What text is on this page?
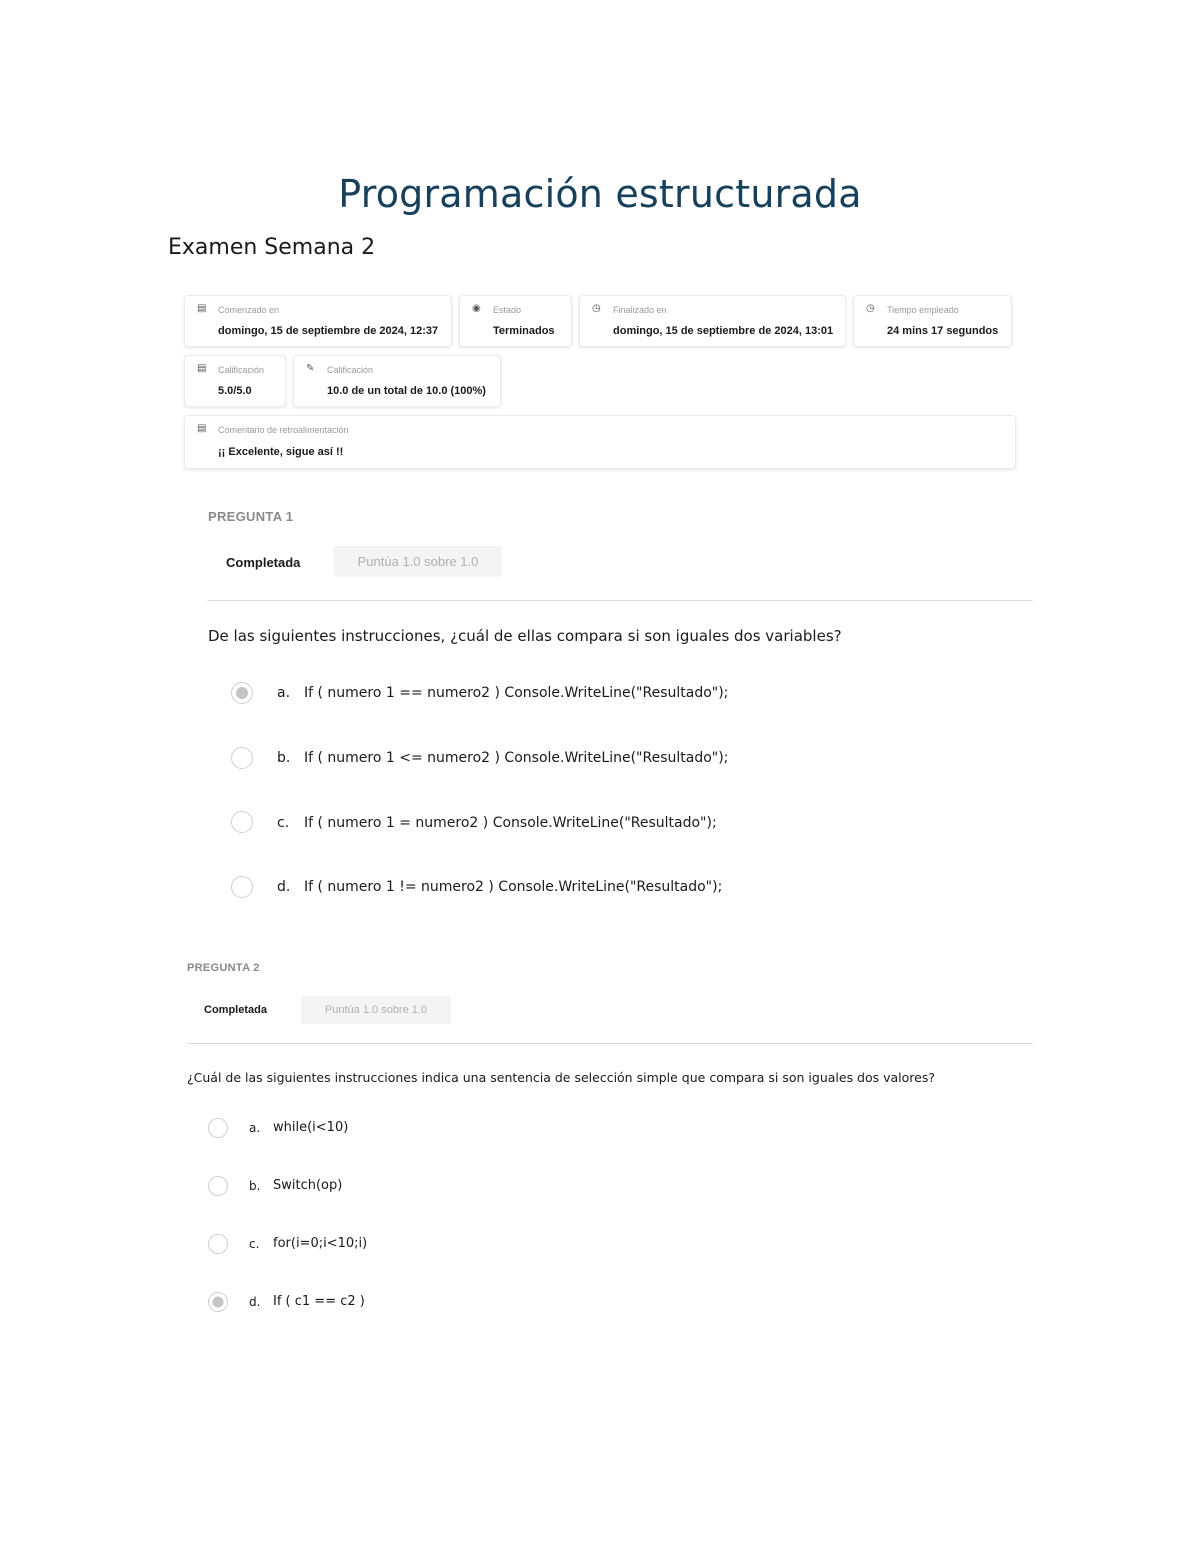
Programación estructurada
Examen Semana 2
▤ Comenzado en
domingo, 15 de septiembre de 2024, 12:37
◉ Estado
Terminados
◷ Finalizado en
domingo, 15 de septiembre de 2024, 13:01
◷ Tiempo empleado
24 mins 17 segundos
▤ Calificación
5.0/5.0
✎ Calificación
10.0 de un total de 10.0 (100%)
▤ Comentario de retroalimentación
¡¡ Excelente, sigue así !!
PREGUNTA 1
Completada	Puntúa 1.0 sobre 1.0
De las siguientes instrucciones, ¿cuál de ellas compara si son iguales dos variables?
a. If ( numero 1 == numero2 ) Console.WriteLine("Resultado");
b. If ( numero 1 <= numero2 ) Console.WriteLine("Resultado");
c. If ( numero 1 = numero2 ) Console.WriteLine("Resultado");
d. If ( numero 1 != numero2 ) Console.WriteLine("Resultado");
PREGUNTA 2
Completada	Puntúa 1.0 sobre 1.0
¿Cuál de las siguientes instrucciones indica una sentencia de selección simple que compara si son iguales dos valores?
a. while(i<10)
b. Switch(op)
c. for(i=0;i<10;i)
d. If ( c1 == c2 )
